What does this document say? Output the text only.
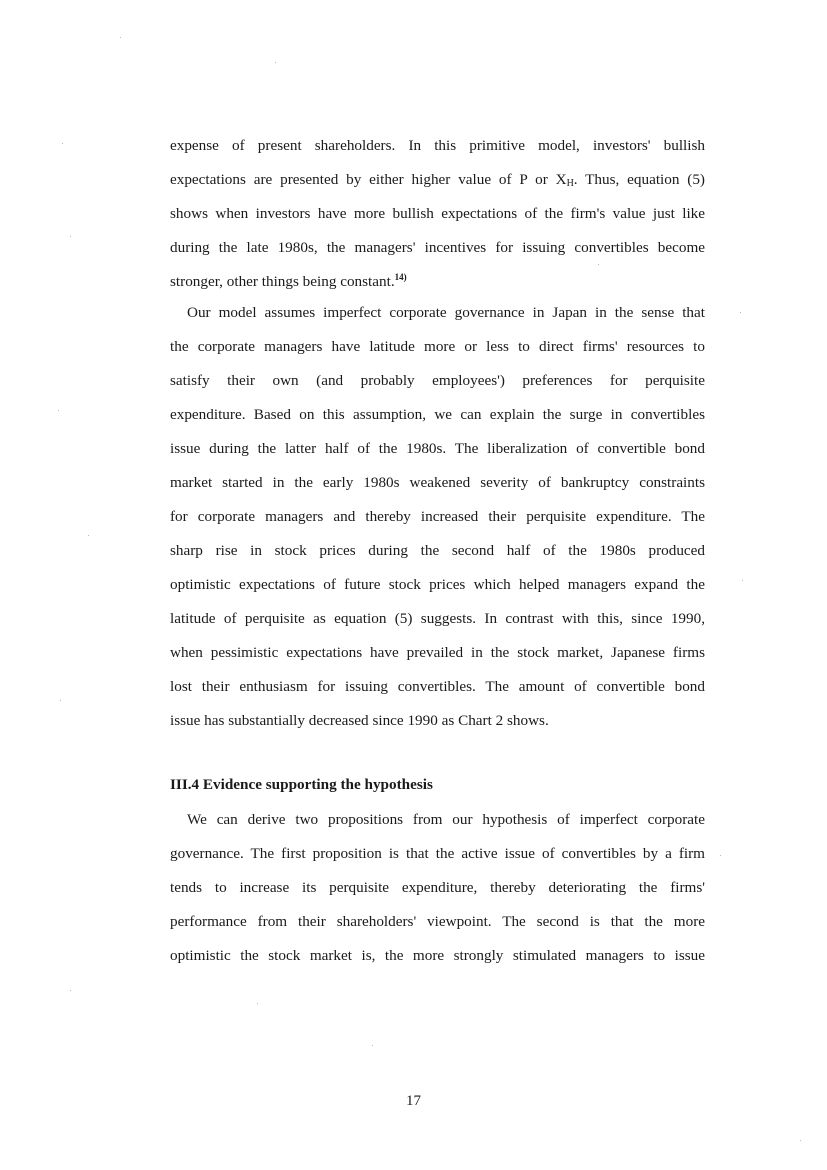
expense of present shareholders. In this primitive model, investors' bullish
expectations are presented by either higher value of P or $X_H$. Thus, equation (5)
shows when investors have more bullish expectations of the firm's value just like
during the late 1980s, the managers' incentives for issuing convertibles become
stronger, other things being constant.$^{14)}$
Our model assumes imperfect corporate governance in Japan in the sense that
the corporate managers have latitude more or less to direct firms' resources to
satisfy their own (and probably employees') preferences for perquisite
expenditure. Based on this assumption, we can explain the surge in convertibles
issue during the latter half of the 1980s. The liberalization of convertible bond
market started in the early 1980s weakened severity of bankruptcy constraints
for corporate managers and thereby increased their perquisite expenditure. The
sharp rise in stock prices during the second half of the 1980s produced
optimistic expectations of future stock prices which helped managers expand the
latitude of perquisite as equation (5) suggests. In contrast with this, since 1990,
when pessimistic expectations have prevailed in the stock market, Japanese firms
lost their enthusiasm for issuing convertibles. The amount of convertible bond
issue has substantially decreased since 1990 as Chart 2 shows.
III.4 Evidence supporting the hypothesis
We can derive two propositions from our hypothesis of imperfect corporate
governance. The first proposition is that the active issue of convertibles by a firm
tends to increase its perquisite expenditure, thereby deteriorating the firms'
performance from their shareholders' viewpoint. The second is that the more
optimistic the stock market is, the more strongly stimulated managers to issue
17
